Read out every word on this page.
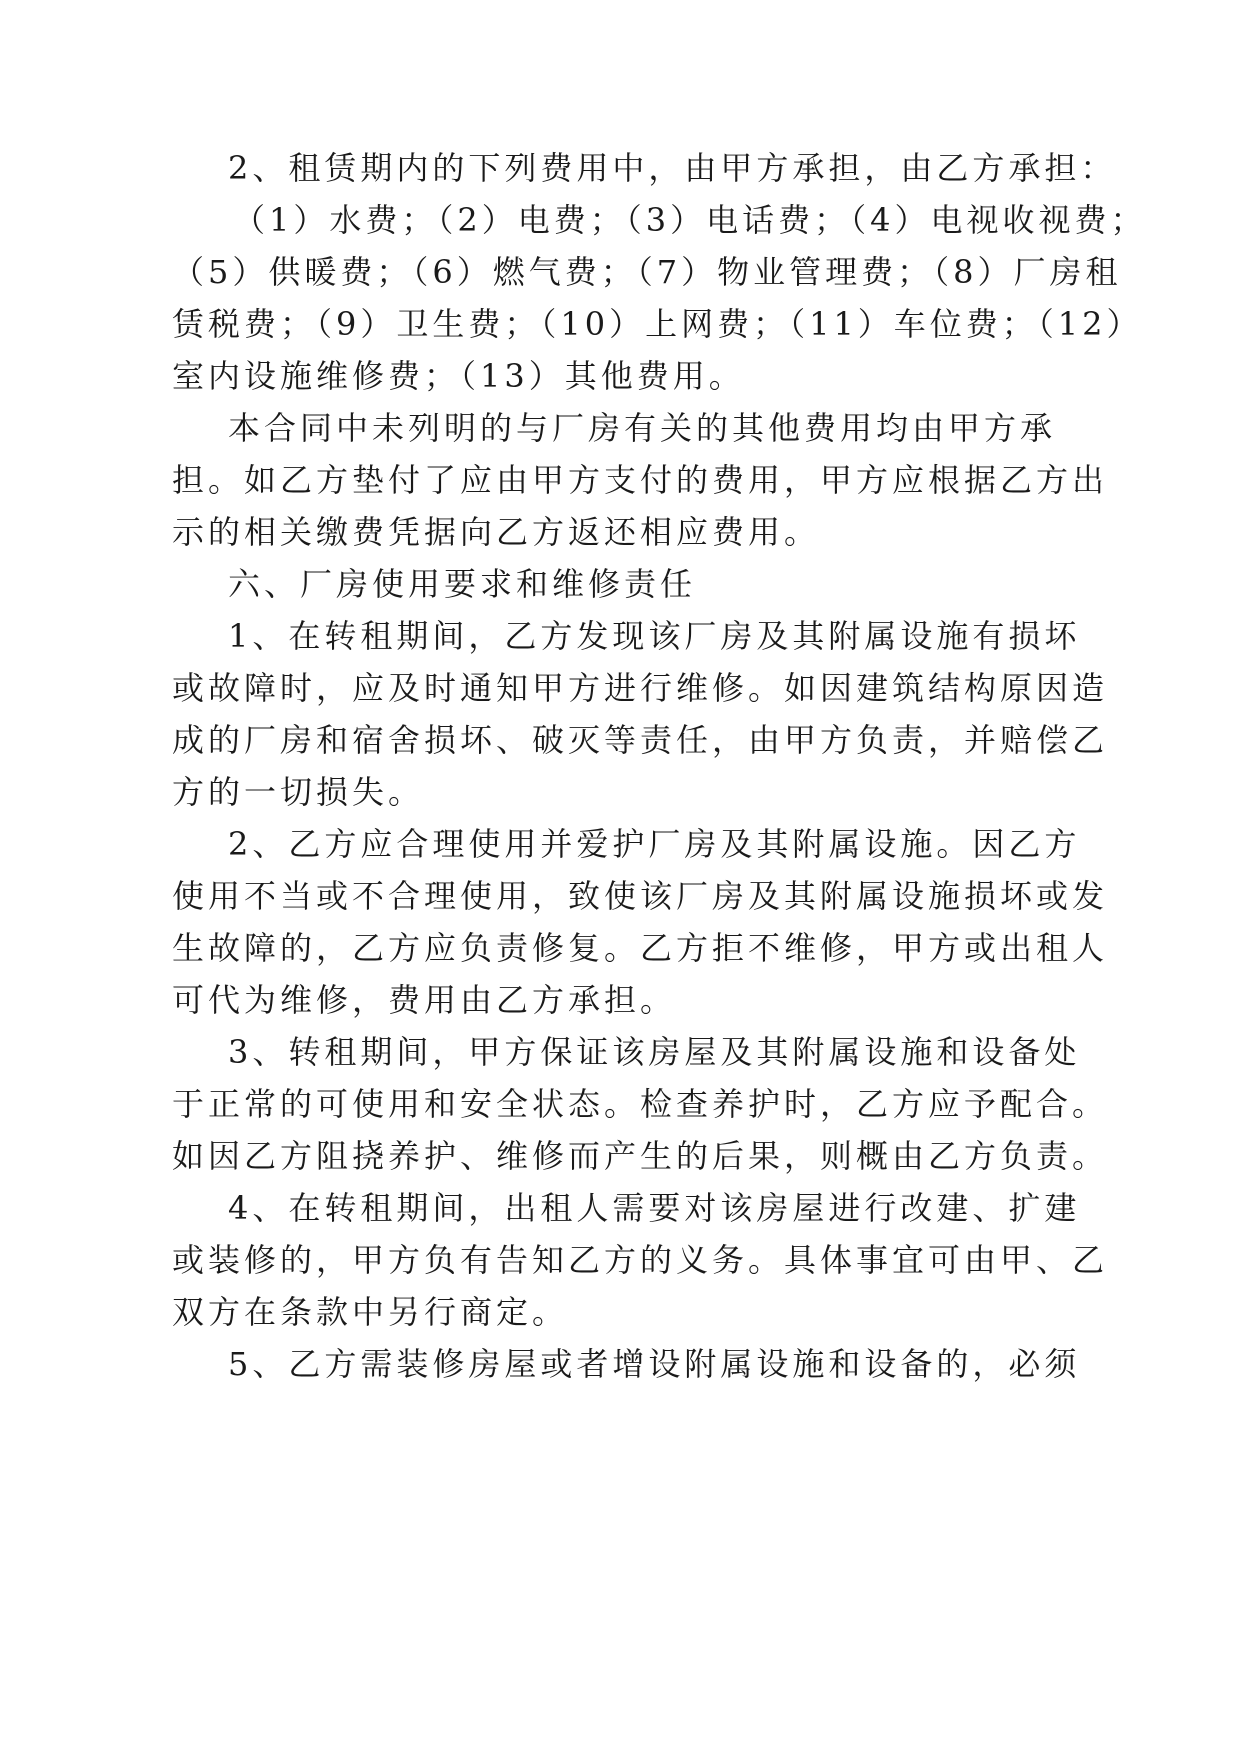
2、租赁期内的下列费用中，由甲方承担，由乙方承担：
（1）水费；（2）电费；（3）电话费；（4）电视收视费；
（5）供暖费；（6）燃气费；（7）物业管理费；（8）厂房租
赁税费；（9）卫生费；（10）上网费；（11）车位费；（12）
室内设施维修费；（13）其他费用。
本合同中未列明的与厂房有关的其他费用均由甲方承
担。如乙方垫付了应由甲方支付的费用，甲方应根据乙方出
示的相关缴费凭据向乙方返还相应费用。
六、厂房使用要求和维修责任
1、在转租期间，乙方发现该厂房及其附属设施有损坏
或故障时，应及时通知甲方进行维修。如因建筑结构原因造
成的厂房和宿舍损坏、破灭等责任，由甲方负责，并赔偿乙
方的一切损失。
2、乙方应合理使用并爱护厂房及其附属设施。因乙方
使用不当或不合理使用，致使该厂房及其附属设施损坏或发
生故障的，乙方应负责修复。乙方拒不维修，甲方或出租人
可代为维修，费用由乙方承担。
3、转租期间，甲方保证该房屋及其附属设施和设备处
于正常的可使用和安全状态。检查养护时，乙方应予配合。
如因乙方阻挠养护、维修而产生的后果，则概由乙方负责。
4、在转租期间，出租人需要对该房屋进行改建、扩建
或装修的，甲方负有告知乙方的义务。具体事宜可由甲、乙
双方在条款中另行商定。
5、乙方需装修房屋或者增设附属设施和设备的，必须
